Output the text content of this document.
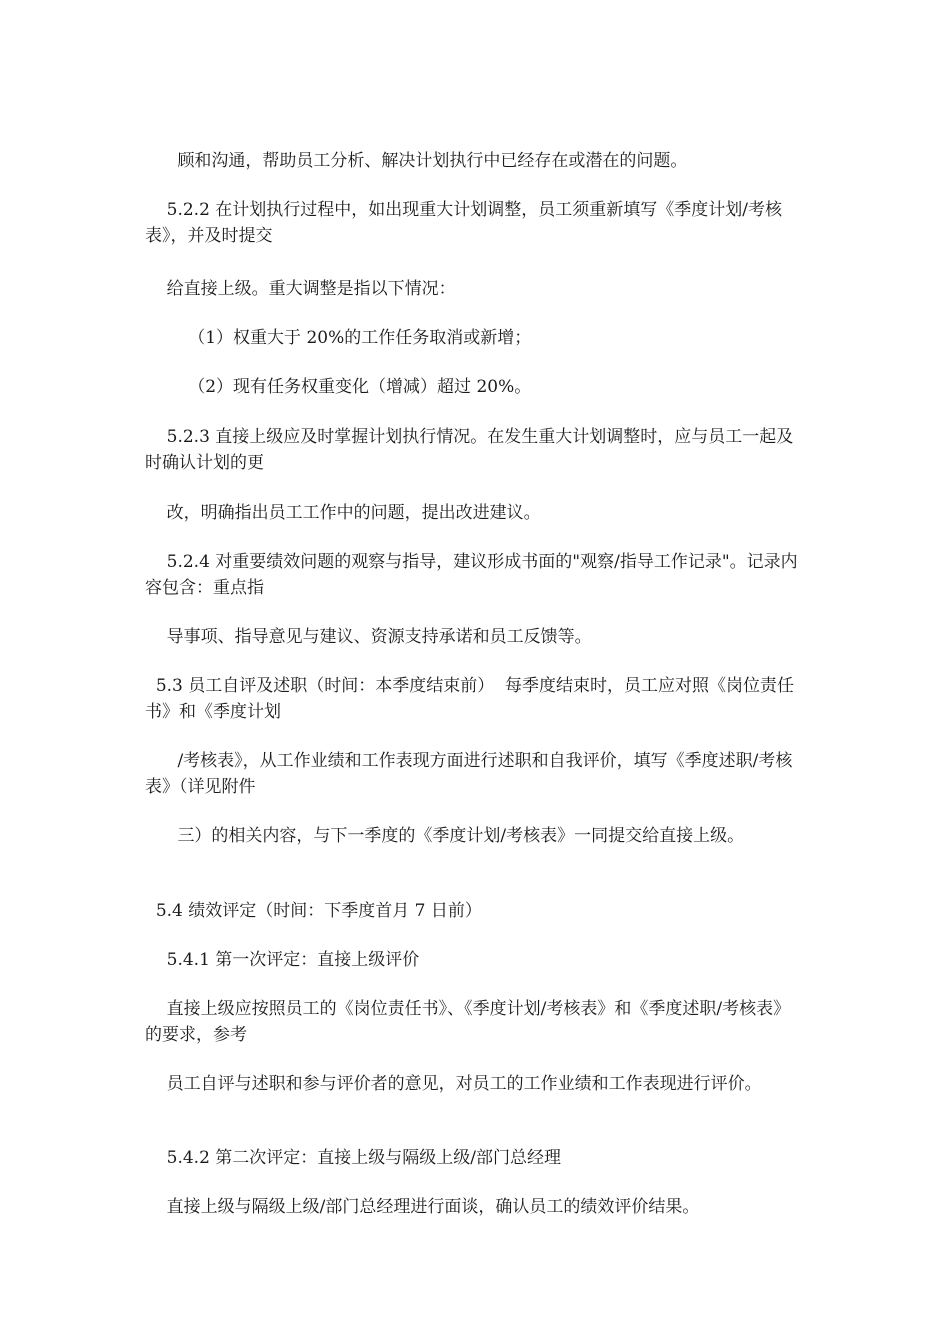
顾和沟通，帮助员工分析、解决计划执行中已经存在或潜在的问题。
5.2.2 在计划执行过程中，如出现重大计划调整，员工须重新填写《季度计划/考核表》，并及时提交
给直接上级。重大调整是指以下情况：
（1）权重大于 20%的工作任务取消或新增；
（2）现有任务权重变化（增减）超过 20%。
5.2.3 直接上级应及时掌握计划执行情况。在发生重大计划调整时，应与员工一起及时确认计划的更
改，明确指出员工工作中的问题，提出改进建议。
5.2.4 对重要绩效问题的观察与指导，建议形成书面的"观察/指导工作记录"。记录内容包含：重点指
导事项、指导意见与建议、资源支持承诺和员工反馈等。
5.3 员工自评及述职（时间：本季度结束前）  每季度结束时，员工应对照《岗位责任书》和《季度计划
/考核表》，从工作业绩和工作表现方面进行述职和自我评价，填写《季度述职/考核表》（详见附件
三）的相关内容，与下一季度的《季度计划/考核表》一同提交给直接上级。
5.4 绩效评定（时间：下季度首月 7 日前）
5.4.1 第一次评定：直接上级评价
直接上级应按照员工的《岗位责任书》、《季度计划/考核表》和《季度述职/考核表》的要求，参考
员工自评与述职和参与评价者的意见，对员工的工作业绩和工作表现进行评价。
5.4.2 第二次评定：直接上级与隔级上级/部门总经理
直接上级与隔级上级/部门总经理进行面谈，确认员工的绩效评价结果。
